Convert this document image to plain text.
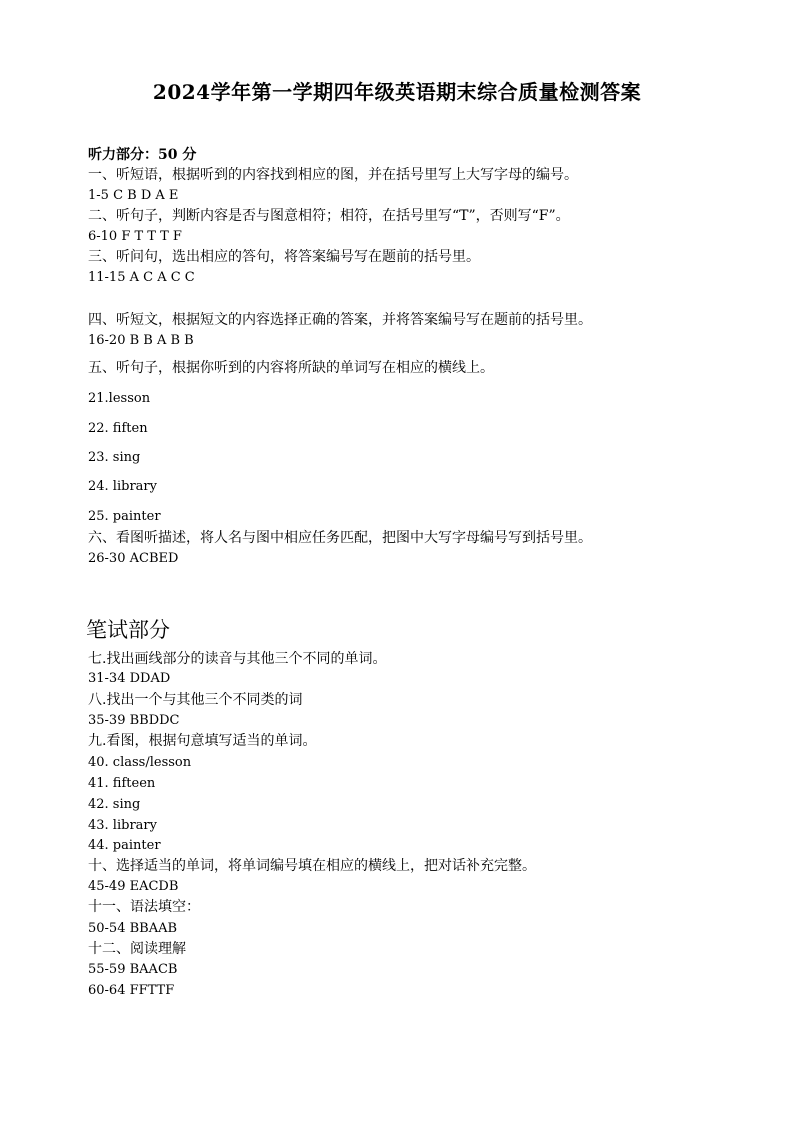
2024学年第一学期四年级英语期末综合质量检测答案
听力部分：50 分
一、听短语，根据听到的内容找到相应的图，并在括号里写上大写字母的编号。
1-5 C B D A E
二、听句子，判断内容是否与图意相符；相符，在括号里写“T”，否则写“F”。
6-10 F T T T F
三、听问句，选出相应的答句，将答案编号写在题前的括号里。
11-15 A C A C C
四、听短文，根据短文的内容选择正确的答案，并将答案编号写在题前的括号里。
16-20 B B A B B
五、听句子，根据你听到的内容将所缺的单词写在相应的横线上。
21.lesson
22. fiften
23. sing
24. library
25. painter
六、看图听描述，将人名与图中相应任务匹配，把图中大写字母编号写到括号里。
26-30 ACBED
笔试部分
七.找出画线部分的读音与其他三个不同的单词。
31-34 DDAD
八.找出一个与其他三个不同类的词
35-39 BBDDC
九.看图，根据句意填写适当的单词。
40. class/lesson
41. fifteen
42. sing
43. library
44. painter
十、选择适当的单词，将单词编号填在相应的横线上，把对话补充完整。
45-49 EACDB
十一、语法填空：
50-54 BBAAB
十二、阅读理解
55-59 BAACB
60-64 FFTTF
